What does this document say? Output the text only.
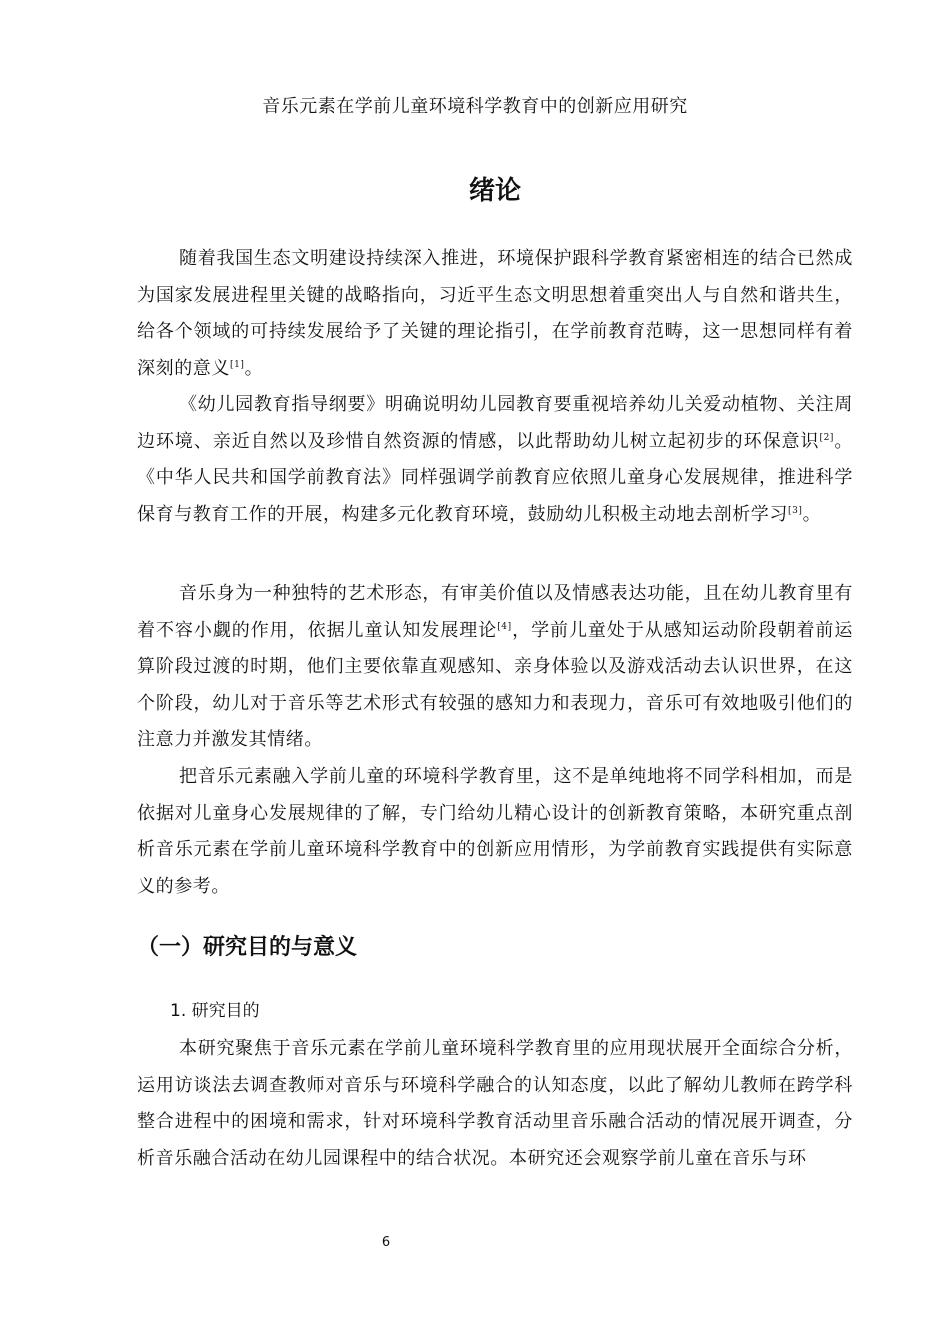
音乐元素在学前儿童环境科学教育中的创新应用研究
绪论

随着我国生态文明建设持续深入推进，环境保护跟科学教育紧密相连的结合已然成为国家发展进程里关键的战略指向，习近平生态文明思想着重突出人与自然和谐共生，给各个领域的可持续发展给予了关键的理论指引，在学前教育范畴，这一思想同样有着深刻的意义[1]。

《幼儿园教育指导纲要》明确说明幼儿园教育要重视培养幼儿关爱动植物、关注周边环境、亲近自然以及珍惜自然资源的情感，以此帮助幼儿树立起初步的环保意识[2]。《中华人民共和国学前教育法》同样强调学前教育应依照儿童身心发展规律，推进科学保育与教育工作的开展，构建多元化教育环境，鼓励幼儿积极主动地去剖析学习[3]。

音乐身为一种独特的艺术形态，有审美价值以及情感表达功能，且在幼儿教育里有着不容小觑的作用，依据儿童认知发展理论[4]，学前儿童处于从感知运动阶段朝着前运算阶段过渡的时期，他们主要依靠直观感知、亲身体验以及游戏活动去认识世界，在这个阶段，幼儿对于音乐等艺术形式有较强的感知力和表现力，音乐可有效地吸引他们的注意力并激发其情绪。

把音乐元素融入学前儿童的环境科学教育里，这不是单纯地将不同学科相加，而是依据对儿童身心发展规律的了解，专门给幼儿精心设计的创新教育策略，本研究重点剖析音乐元素在学前儿童环境科学教育中的创新应用情形，为学前教育实践提供有实际意义的参考。

（一）研究目的与意义
1. 研究目的

本研究聚焦于音乐元素在学前儿童环境科学教育里的应用现状展开全面综合分析，运用访谈法去调查教师对音乐与环境科学融合的认知态度，以此了解幼儿教师在跨学科整合进程中的困境和需求，针对环境科学教育活动里音乐融合活动的情况展开调查，分析音乐融合活动在幼儿园课程中的结合状况。本研究还会观察学前儿童在音乐与环

6
